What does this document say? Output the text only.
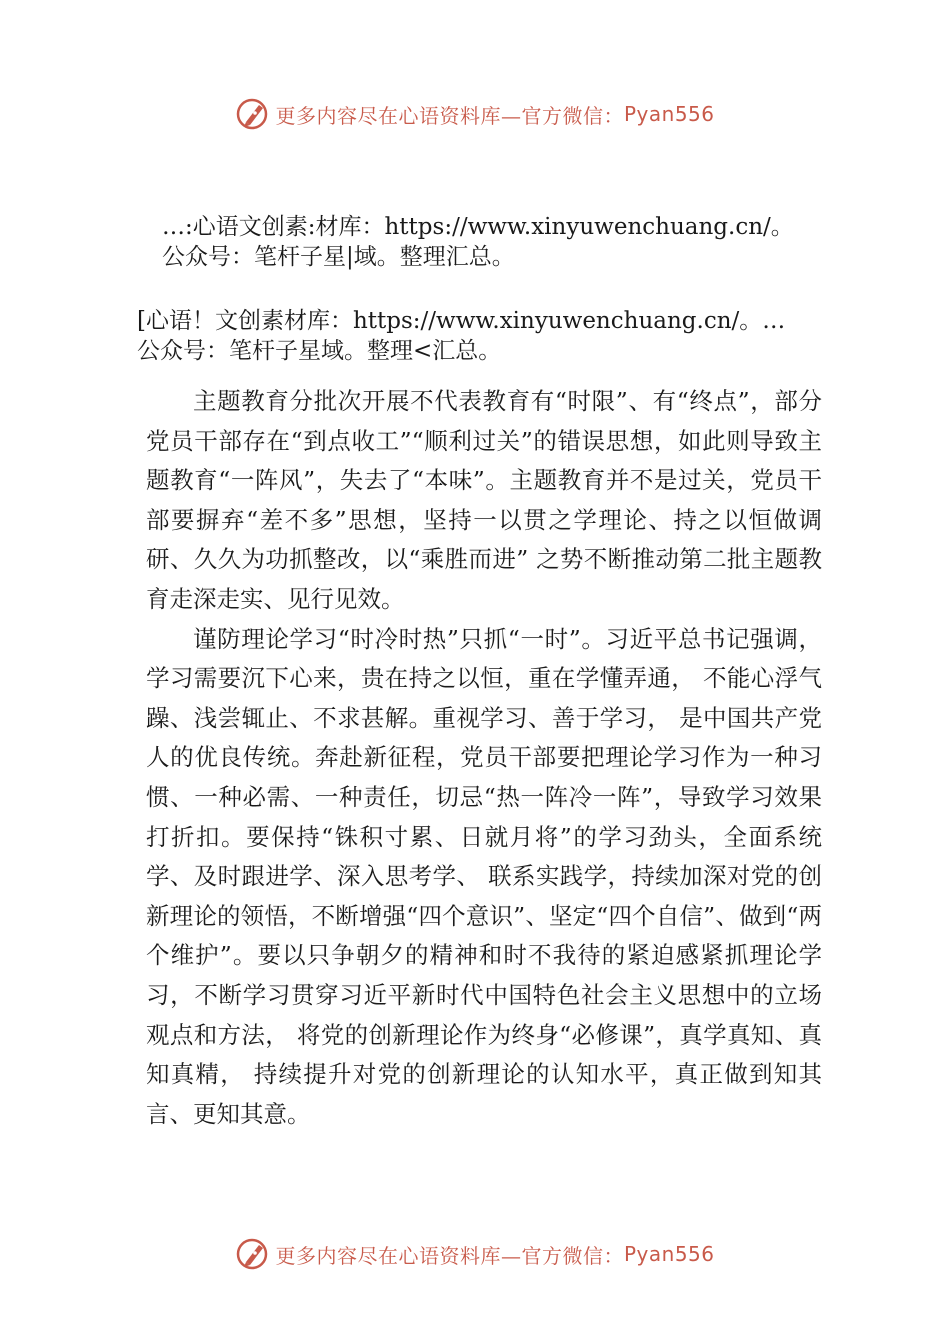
更多内容尽在心语资料库—官方微信： Pyan556
…:心语文创素:材库：https://www.xinyuwenchuang.cn/。
公众号：笔杆子星|域。整理汇总。
[心语！文创素材库：https://www.xinyuwenchuang.cn/。…
公众号：笔杆子星域。整理<汇总。

主题教育分批次开展不代表教育有“时限”、有“终点”，部分党员干部存在“到点收工”“顺利过关”的错误思想，如此则导致主题教育“一阵风”，失去了“本味”。主题教育并不是过关，党员干部要摒弃“差不多”思想，坚持一以贯之学理论、持之以恒做调研、久久为功抓整改，以“乘胜而进” 之势不断推动第二批主题教育走深走实、见行见效。

谨防理论学习“时冷时热”只抓“一时”。习近平总书记强调，学习需要沉下心来，贵在持之以恒，重在学懂弄通， 不能心浮气躁、浅尝辄止、不求甚解。重视学习、善于学习， 是中国共产党人的优良传统。奔赴新征程，党员干部要把理论学习作为一种习惯、一种必需、一种责任，切忌“热一阵冷一阵”，导致学习效果打折扣。要保持“铢积寸累、日就月将”的学习劲头，全面系统学、及时跟进学、深入思考学、 联系实践学，持续加深对党的创新理论的领悟，不断增强“四个意识”、坚定“四个自信”、做到“两个维护”。要以只争朝夕的精神和时不我待的紧迫感紧抓理论学习，不断学习贯穿习近平新时代中国特色社会主义思想中的立场观点和方法， 将党的创新理论作为终身“必修课”，真学真知、真知真精， 持续提升对党的创新理论的认知水平，真正做到知其言、更知其意。

更多内容尽在心语资料库—官方微信： Pyan556
